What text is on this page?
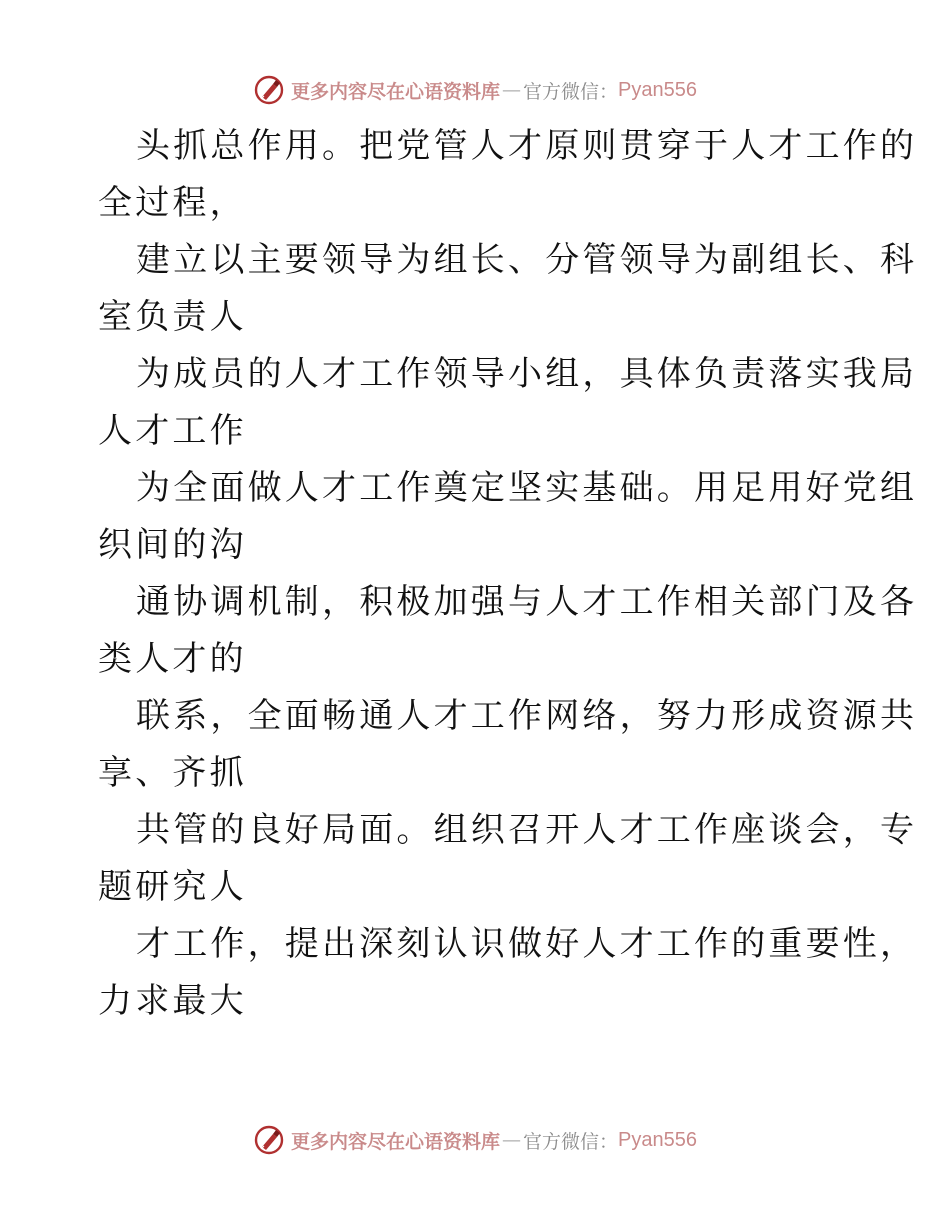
更多内容尽在心语资料库 — 官方微信： Pyan556

头抓总作用。把党管人才原则贯穿于人才工作的
全过程，

建立以主要领导为组长、分管领导为副组长、科
室负责人

为成员的人才工作领导小组，具体负责落实我局
人才工作

为全面做人才工作奠定坚实基础。用足用好党组
织间的沟

通协调机制，积极加强与人才工作相关部门及各
类人才的

联系，全面畅通人才工作网络，努力形成资源共
享、齐抓

共管的良好局面。组织召开人才工作座谈会，专
题研究人

才工作，提出深刻认识做好人才工作的重要性，
力求最大

更多内容尽在心语资料库 — 官方微信： Pyan556
